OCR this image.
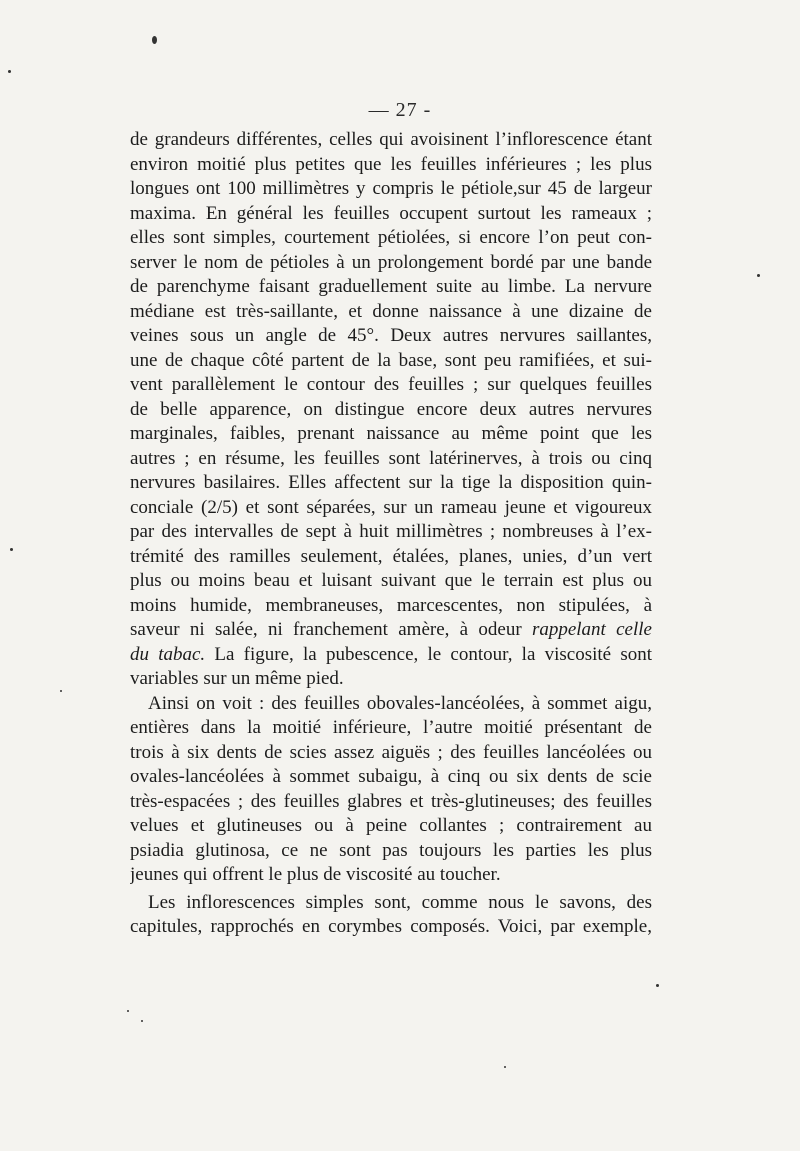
— 27 -
de grandeurs différentes, celles qui avoisinent l’inflorescence étant
environ moitié plus petites que les feuilles inférieures ; les plus
longues ont 100 millimètres y compris le pétiole,sur 45 de largeur
maxima. En général les feuilles occupent surtout les rameaux ;
elles sont simples, courtement pétiolées, si encore l’on peut con-
server le nom de pétioles à un prolongement bordé par une bande
de parenchyme faisant graduellement suite au limbe. La nervure
médiane est très-saillante, et donne naissance à une dizaine de
veines sous un angle de 45°. Deux autres nervures saillantes,
une de chaque côté partent de la base, sont peu ramifiées, et sui-
vent parallèlement le contour des feuilles ; sur quelques feuilles
de belle apparence, on distingue encore deux autres nervures
marginales, faibles, prenant naissance au même point que les
autres ; en résume, les feuilles sont latérinerves, à trois ou cinq
nervures basilaires. Elles affectent sur la tige la disposition quin-
conciale (2/5) et sont séparées, sur un rameau jeune et vigoureux
par des intervalles de sept à huit millimètres ; nombreuses à l’ex-
trémité des ramilles seulement, étalées, planes, unies, d’un vert
plus ou moins beau et luisant suivant que le terrain est plus ou
moins humide, membraneuses, marcescentes, non stipulées, à
saveur ni salée, ni franchement amère, à odeur rappelant celle
du tabac. La figure, la pubescence, le contour, la viscosité sont
variables sur un même pied.
Ainsi on voit : des feuilles obovales-lancéolées, à sommet aigu,
entières dans la moitié inférieure, l’autre moitié présentant de
trois à six dents de scies assez aiguës ; des feuilles lancéolées ou
ovales-lancéolées à sommet subaigu, à cinq ou six dents de scie
très-espacées ; des feuilles glabres et très-glutineuses; des feuilles
velues et glutineuses ou à peine collantes ; contrairement au
psiadia glutinosa, ce ne sont pas toujours les parties les plus
jeunes qui offrent le plus de viscosité au toucher.
Les inflorescences simples sont, comme nous le savons, des
capitules, rapprochés en corymbes composés. Voici, par exemple,
